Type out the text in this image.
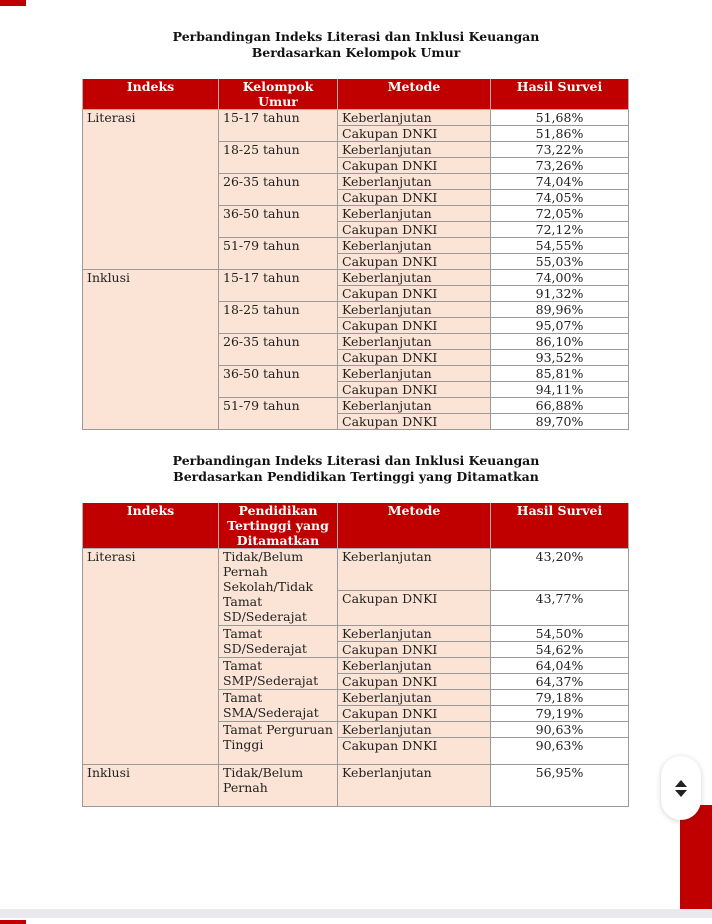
Perbandingan Indeks Literasi dan Inklusi Keuangan
Berdasarkan Kelompok Umur
Indeks	Kelompok Umur	Metode	Hasil Survei
Literasi	15-17 tahun	Keberlanjutan	51,68%
		Cakupan DNKI	51,86%
	18-25 tahun	Keberlanjutan	73,22%
		Cakupan DNKI	73,26%
	26-35 tahun	Keberlanjutan	74,04%
		Cakupan DNKI	74,05%
	36-50 tahun	Keberlanjutan	72,05%
		Cakupan DNKI	72,12%
	51-79 tahun	Keberlanjutan	54,55%
		Cakupan DNKI	55,03%
Inklusi	15-17 tahun	Keberlanjutan	74,00%
		Cakupan DNKI	91,32%
	18-25 tahun	Keberlanjutan	89,96%
		Cakupan DNKI	95,07%
	26-35 tahun	Keberlanjutan	86,10%
		Cakupan DNKI	93,52%
	36-50 tahun	Keberlanjutan	85,81%
		Cakupan DNKI	94,11%
	51-79 tahun	Keberlanjutan	66,88%
		Cakupan DNKI	89,70%
Perbandingan Indeks Literasi dan Inklusi Keuangan
Berdasarkan Pendidikan Tertinggi yang Ditamatkan
Indeks	Pendidikan Tertinggi yang Ditamatkan	Metode	Hasil Survei
Literasi	Tidak/Belum Pernah Sekolah/Tidak Tamat SD/Sederajat	Keberlanjutan	43,20%
		Cakupan DNKI	43,77%
	Tamat SD/Sederajat	Keberlanjutan	54,50%
		Cakupan DNKI	54,62%
	Tamat SMP/Sederajat	Keberlanjutan	64,04%
		Cakupan DNKI	64,37%
	Tamat SMA/Sederajat	Keberlanjutan	79,18%
		Cakupan DNKI	79,19%
	Tamat Perguruan Tinggi	Keberlanjutan	90,63%
		Cakupan DNKI	90,63%
Inklusi	Tidak/Belum Pernah	Keberlanjutan	56,95%
